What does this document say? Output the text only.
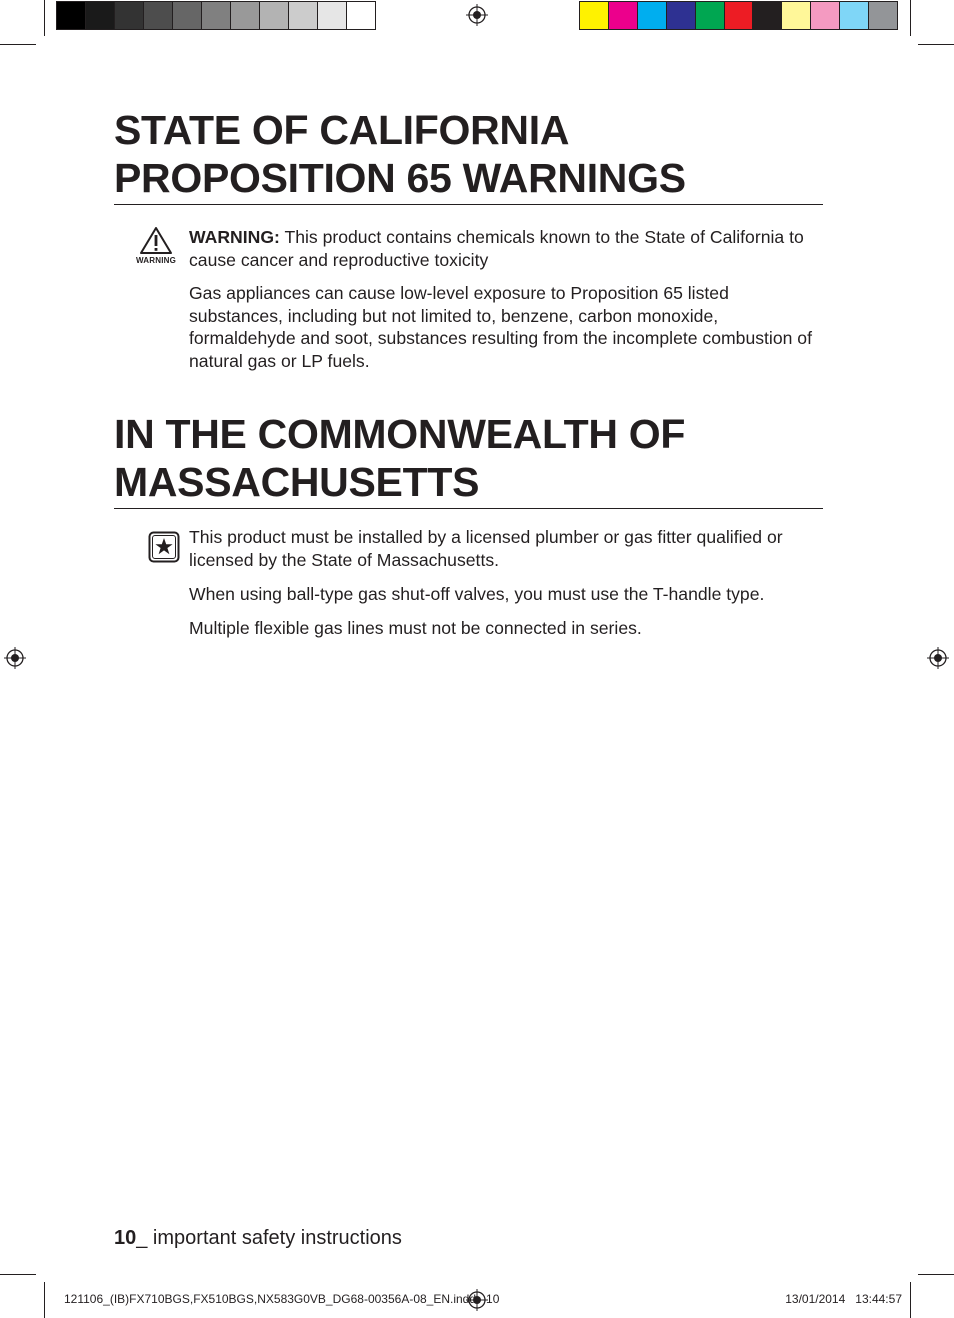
STATE OF CALIFORNIA
PROPOSITION 65 WARNINGS
WARNING

WARNING: This product contains chemicals known to the State of California to cause cancer and reproductive toxicity

Gas appliances can cause low-level exposure to Proposition 65 listed substances, including but not limited to, benzene, carbon monoxide, formaldehyde and soot, substances resulting from the incomplete combustion of natural gas or LP fuels.

IN THE COMMONWEALTH OF
MASSACHUSETTS

This product must be installed by a licensed plumber or gas fitter qualified or licensed by the State of Massachusetts.

When using ball-type gas shut-off valves, you must use the T-handle type.

Multiple flexible gas lines must not be connected in series.

10_ important safety instructions
121106_(IB)FX710BGS,FX510BGS,NX583G0VB_DG68-00356A-08_EN.indd   10	13/01/2014   13:44:57
